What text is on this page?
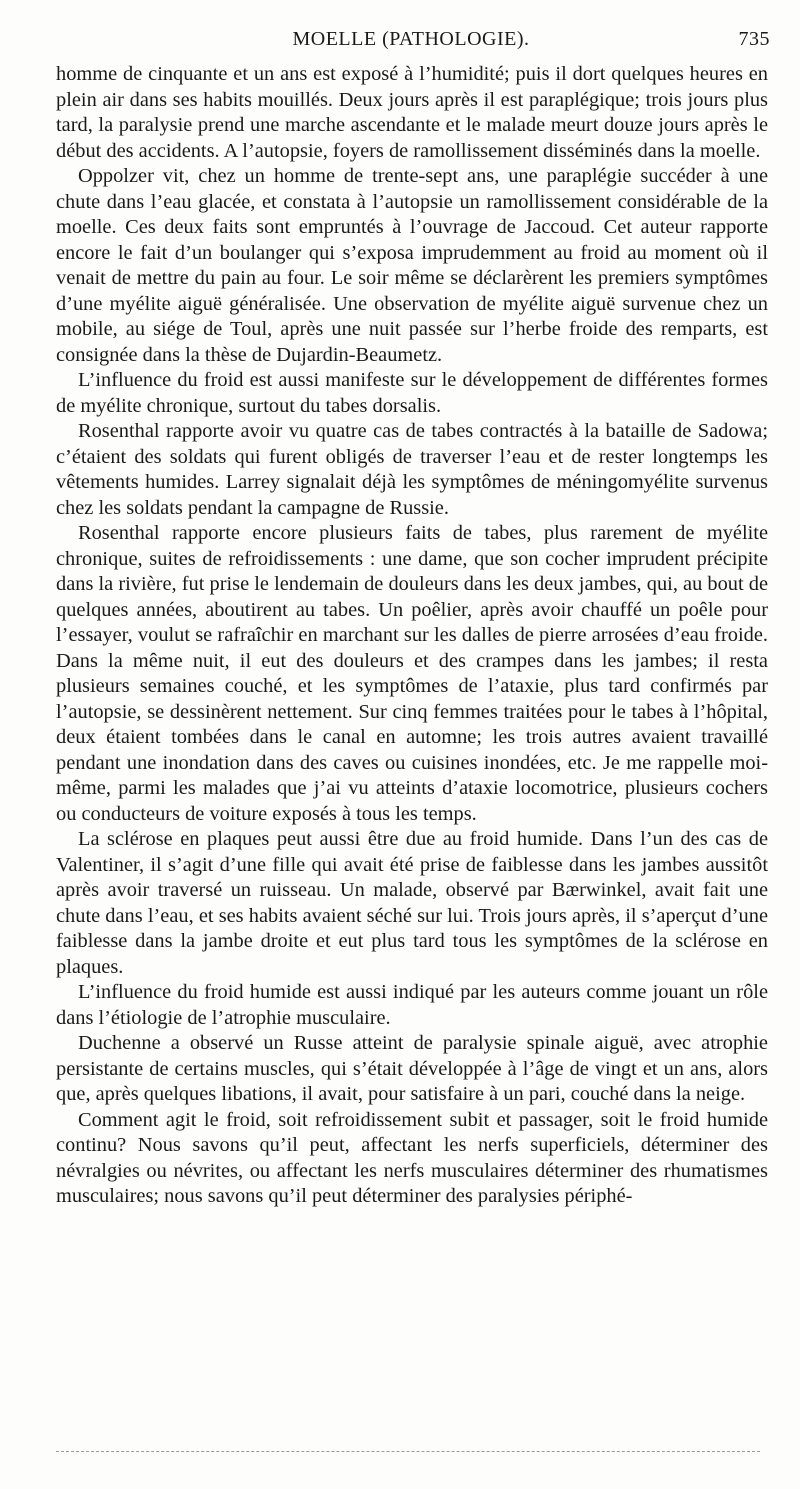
MOELLE (PATHOLOGIE).	735

homme de cinquante et un ans est exposé à l’humidité; puis il dort quelques heures en plein air dans ses habits mouillés. Deux jours après il est paraplégique; trois jours plus tard, la paralysie prend une marche ascendante et le malade meurt douze jours après le début des accidents. A l’autopsie, foyers de ramollissement disséminés dans la moelle.

Oppolzer vit, chez un homme de trente-sept ans, une paraplégie succéder à une chute dans l’eau glacée, et constata à l’autopsie un ramollissement considérable de la moelle. Ces deux faits sont empruntés à l’ouvrage de Jaccoud. Cet auteur rapporte encore le fait d’un boulanger qui s’exposa imprudemment au froid au moment où il venait de mettre du pain au four. Le soir même se déclarèrent les premiers symptômes d’une myélite aiguë généralisée. Une observation de myélite aiguë survenue chez un mobile, au siége de Toul, après une nuit passée sur l’herbe froide des remparts, est consignée dans la thèse de Dujardin-Beaumetz.

L’influence du froid est aussi manifeste sur le développement de différentes formes de myélite chronique, surtout du tabes dorsalis.

Rosenthal rapporte avoir vu quatre cas de tabes contractés à la bataille de Sadowa; c’étaient des soldats qui furent obligés de traverser l’eau et de rester longtemps les vêtements humides. Larrey signalait déjà les symptômes de méningomyélite survenus chez les soldats pendant la campagne de Russie.

Rosenthal rapporte encore plusieurs faits de tabes, plus rarement de myélite chronique, suites de refroidissements : une dame, que son cocher imprudent précipite dans la rivière, fut prise le lendemain de douleurs dans les deux jambes, qui, au bout de quelques années, aboutirent au tabes. Un poêlier, après avoir chauffé un poêle pour l’essayer, voulut se rafraîchir en marchant sur les dalles de pierre arrosées d’eau froide. Dans la même nuit, il eut des douleurs et des crampes dans les jambes; il resta plusieurs semaines couché, et les symptômes de l’ataxie, plus tard confirmés par l’autopsie, se dessinèrent nettement. Sur cinq femmes traitées pour le tabes à l’hôpital, deux étaient tombées dans le canal en automne; les trois autres avaient travaillé pendant une inondation dans des caves ou cuisines inondées, etc. Je me rappelle moi-même, parmi les malades que j’ai vu atteints d’ataxie locomotrice, plusieurs cochers ou conducteurs de voiture exposés à tous les temps.

La sclérose en plaques peut aussi être due au froid humide. Dans l’un des cas de Valentiner, il s’agit d’une fille qui avait été prise de faiblesse dans les jambes aussitôt après avoir traversé un ruisseau. Un malade, observé par Bærwinkel, avait fait une chute dans l’eau, et ses habits avaient séché sur lui. Trois jours après, il s’aperçut d’une faiblesse dans la jambe droite et eut plus tard tous les symptômes de la sclérose en plaques.

L’influence du froid humide est aussi indiqué par les auteurs comme jouant un rôle dans l’étiologie de l’atrophie musculaire.

Duchenne a observé un Russe atteint de paralysie spinale aiguë, avec atrophie persistante de certains muscles, qui s’était développée à l’âge de vingt et un ans, alors que, après quelques libations, il avait, pour satisfaire à un pari, couché dans la neige.

Comment agit le froid, soit refroidissement subit et passager, soit le froid humide continu? Nous savons qu’il peut, affectant les nerfs superficiels, déterminer des névralgies ou névrites, ou affectant les nerfs musculaires déterminer des rhumatismes musculaires; nous savons qu’il peut déterminer des paralysies périphé-
